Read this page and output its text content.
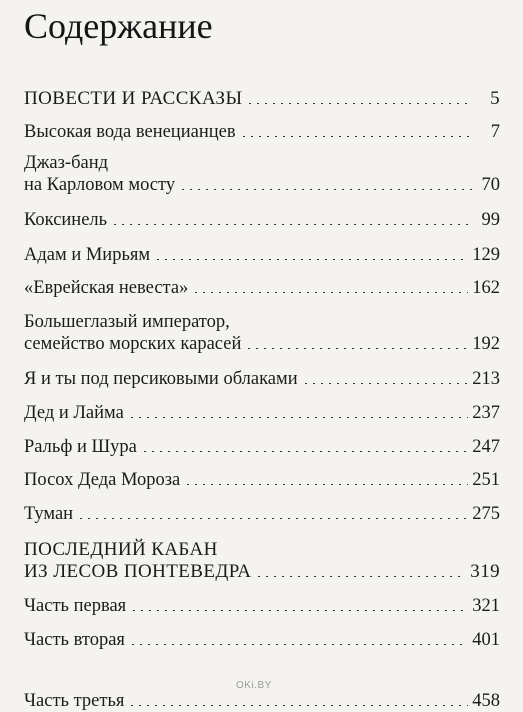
Содержание
ПОВЕСТИ И РАССКАЗЫ	5
Высокая вода венецианцев	7
Джаз-банд
на Карловом мосту	70
Коксинель	99
Адам и Мирьям	129
«Еврейская невеста»	162
Большеглазый император,
семейство морских карасей	192
Я и ты под персиковыми облаками	213
Дед и Лайма	237
Ральф и Шура	247
Посох Деда Мороза	251
Туман	275
ПОСЛЕДНИЙ КАБАН
ИЗ ЛЕСОВ ПОНТЕВЕДРА	319
Часть первая	321
Часть вторая	401
Часть третья	458
OKi.BY
